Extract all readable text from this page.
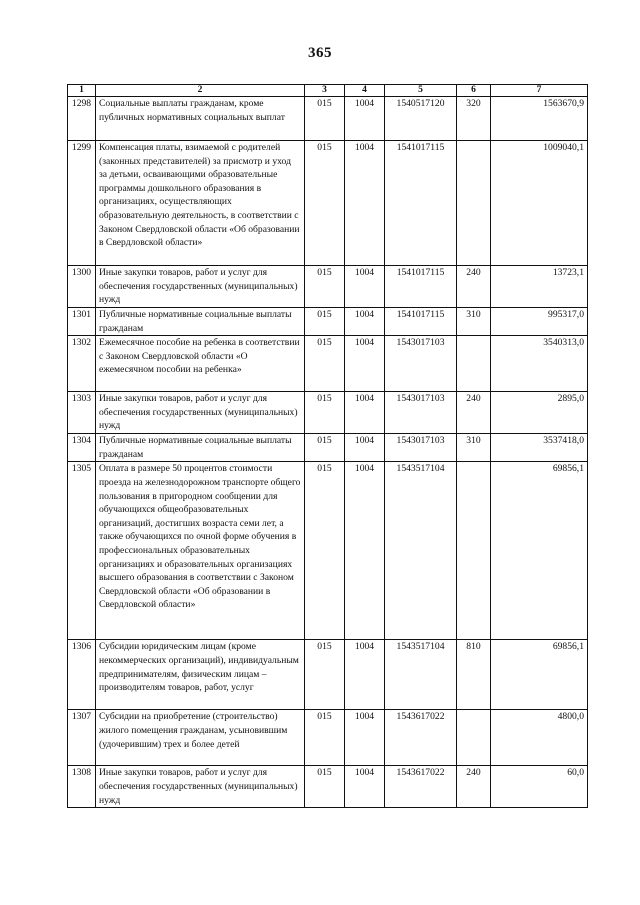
365
1	2	3	4	5	6	7
1298	Социальные выплаты гражданам, кроме публичных нормативных социальных выплат	015	1004	1540517120	320	1563670,9
1299	Компенсация платы, взимаемой с родителей (законных представителей) за присмотр и уход за детьми, осваивающими образовательные программы дошкольного образования в организациях, осуществляющих образовательную деятельность, в соответствии с Законом Свердловской области «Об образовании в Свердловской области»	015	1004	1541017115		1009040,1
1300	Иные закупки товаров, работ и услуг для обеспечения государственных (муниципальных) нужд	015	1004	1541017115	240	13723,1
1301	Публичные нормативные социальные выплаты гражданам	015	1004	1541017115	310	995317,0
1302	Ежемесячное пособие на ребенка в соответствии с Законом Свердловской области «О ежемесячном пособии на ребенка»	015	1004	1543017103		3540313,0
1303	Иные закупки товаров, работ и услуг для обеспечения государственных (муниципальных) нужд	015	1004	1543017103	240	2895,0
1304	Публичные нормативные социальные выплаты гражданам	015	1004	1543017103	310	3537418,0
1305	Оплата в размере 50 процентов стоимости проезда на железнодорожном транспорте общего пользования в пригородном сообщении для обучающихся общеобразовательных организаций, достигших возраста семи лет, а также обучающихся по очной форме обучения в профессиональных образовательных организациях и образовательных организациях высшего образования в соответствии с Законом Свердловской области «Об образовании в Свердловской области»	015	1004	1543517104		69856,1
1306	Субсидии юридическим лицам (кроме некоммерческих организаций), индивидуальным предпринимателям, физическим лицам – производителям товаров, работ, услуг	015	1004	1543517104	810	69856,1
1307	Субсидии на приобретение (строительство) жилого помещения гражданам, усыновившим (удочерившим) трех и более детей	015	1004	1543617022		4800,0
1308	Иные закупки товаров, работ и услуг для обеспечения государственных (муниципальных) нужд	015	1004	1543617022	240	60,0
